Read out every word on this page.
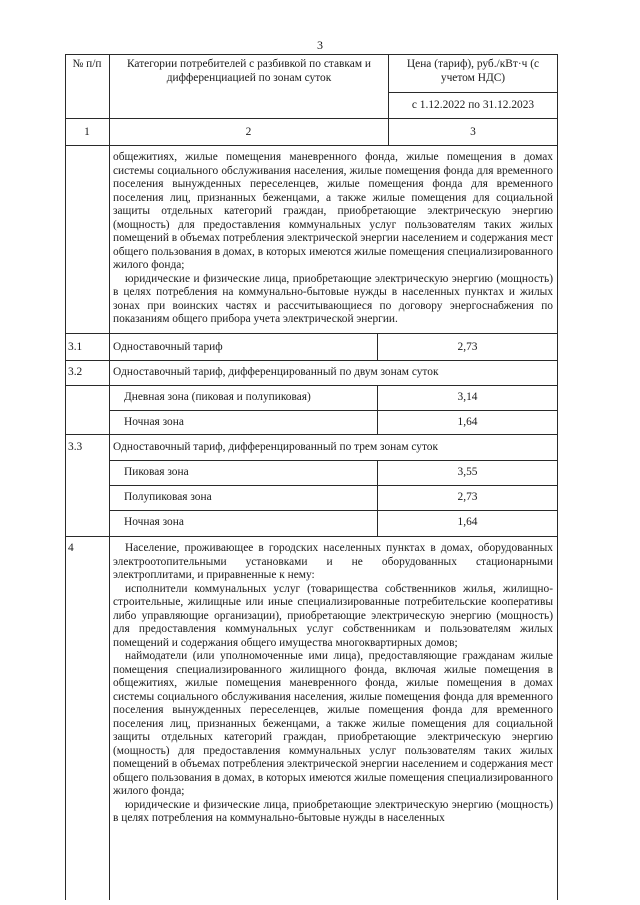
3
№ п/п	Категории потребителей с разбивкой по ставкам и дифференциацией по зонам суток
Цена (тариф), руб./кВт·ч (с учетом НДС)
с 1.12.2022 по 31.12.2023
1	2	3
общежитиях, жилые помещения маневренного фонда, жилые помещения в домах системы социального обслуживания населения, жилые помещения фонда для временного поселения вынужденных переселенцев, жилые помещения фонда для временного поселения лиц, признанных беженцами, а также жилые помещения для социальной защиты отдельных категорий граждан, приобретающие электрическую энергию (мощность) для предоставления коммунальных услуг пользователям таких жилых помещений в объемах потребления электрической энергии населением и содержания мест общего пользования в домах, в которых имеются жилые помещения специализированного жилого фонда;
юридические и физические лица, приобретающие электрическую энергию (мощность) в целях потребления на коммунально-бытовые нужды в населенных пунктах и жилых зонах при воинских частях и рассчитывающиеся по договору энергоснабжения по показаниям общего прибора учета электрической энергии.
3.1	Одноставочный тариф	2,73
3.2	Одноставочный тариф, дифференцированный по двум зонам суток
Дневная зона (пиковая и полупиковая)	3,14
Ночная зона	1,64
3.3	Одноставочный тариф, дифференцированный по трем зонам суток
Пиковая зона	3,55
Полупиковая зона	2,73
Ночная зона	1,64
4	Население, проживающее в городских населенных пунктах в домах, оборудованных электроотопительными установками и не оборудованных стационарными электроплитами, и приравненные к нему:
исполнители коммунальных услуг (товарищества собственников жилья, жилищно-строительные, жилищные или иные специализированные потребительские кооперативы либо управляющие организации), приобретающие электрическую энергию (мощность) для предоставления коммунальных услуг собственникам и пользователям жилых помещений и содержания общего имущества многоквартирных домов;
наймодатели (или уполномоченные ими лица), предоставляющие гражданам жилые помещения специализированного жилищного фонда, включая жилые помещения в общежитиях, жилые помещения маневренного фонда, жилые помещения в домах системы социального обслуживания населения, жилые помещения фонда для временного поселения вынужденных переселенцев, жилые помещения фонда для временного поселения лиц, признанных беженцами, а также жилые помещения для социальной защиты отдельных категорий граждан, приобретающие электрическую энергию (мощность) для предоставления коммунальных услуг пользователям таких жилых помещений в объемах потребления электрической энергии населением и содержания мест общего пользования в домах, в которых имеются жилые помещения специализированного жилого фонда;
юридические и физические лица, приобретающие электрическую энергию (мощность) в целях потребления на коммунально-бытовые нужды в населенных
